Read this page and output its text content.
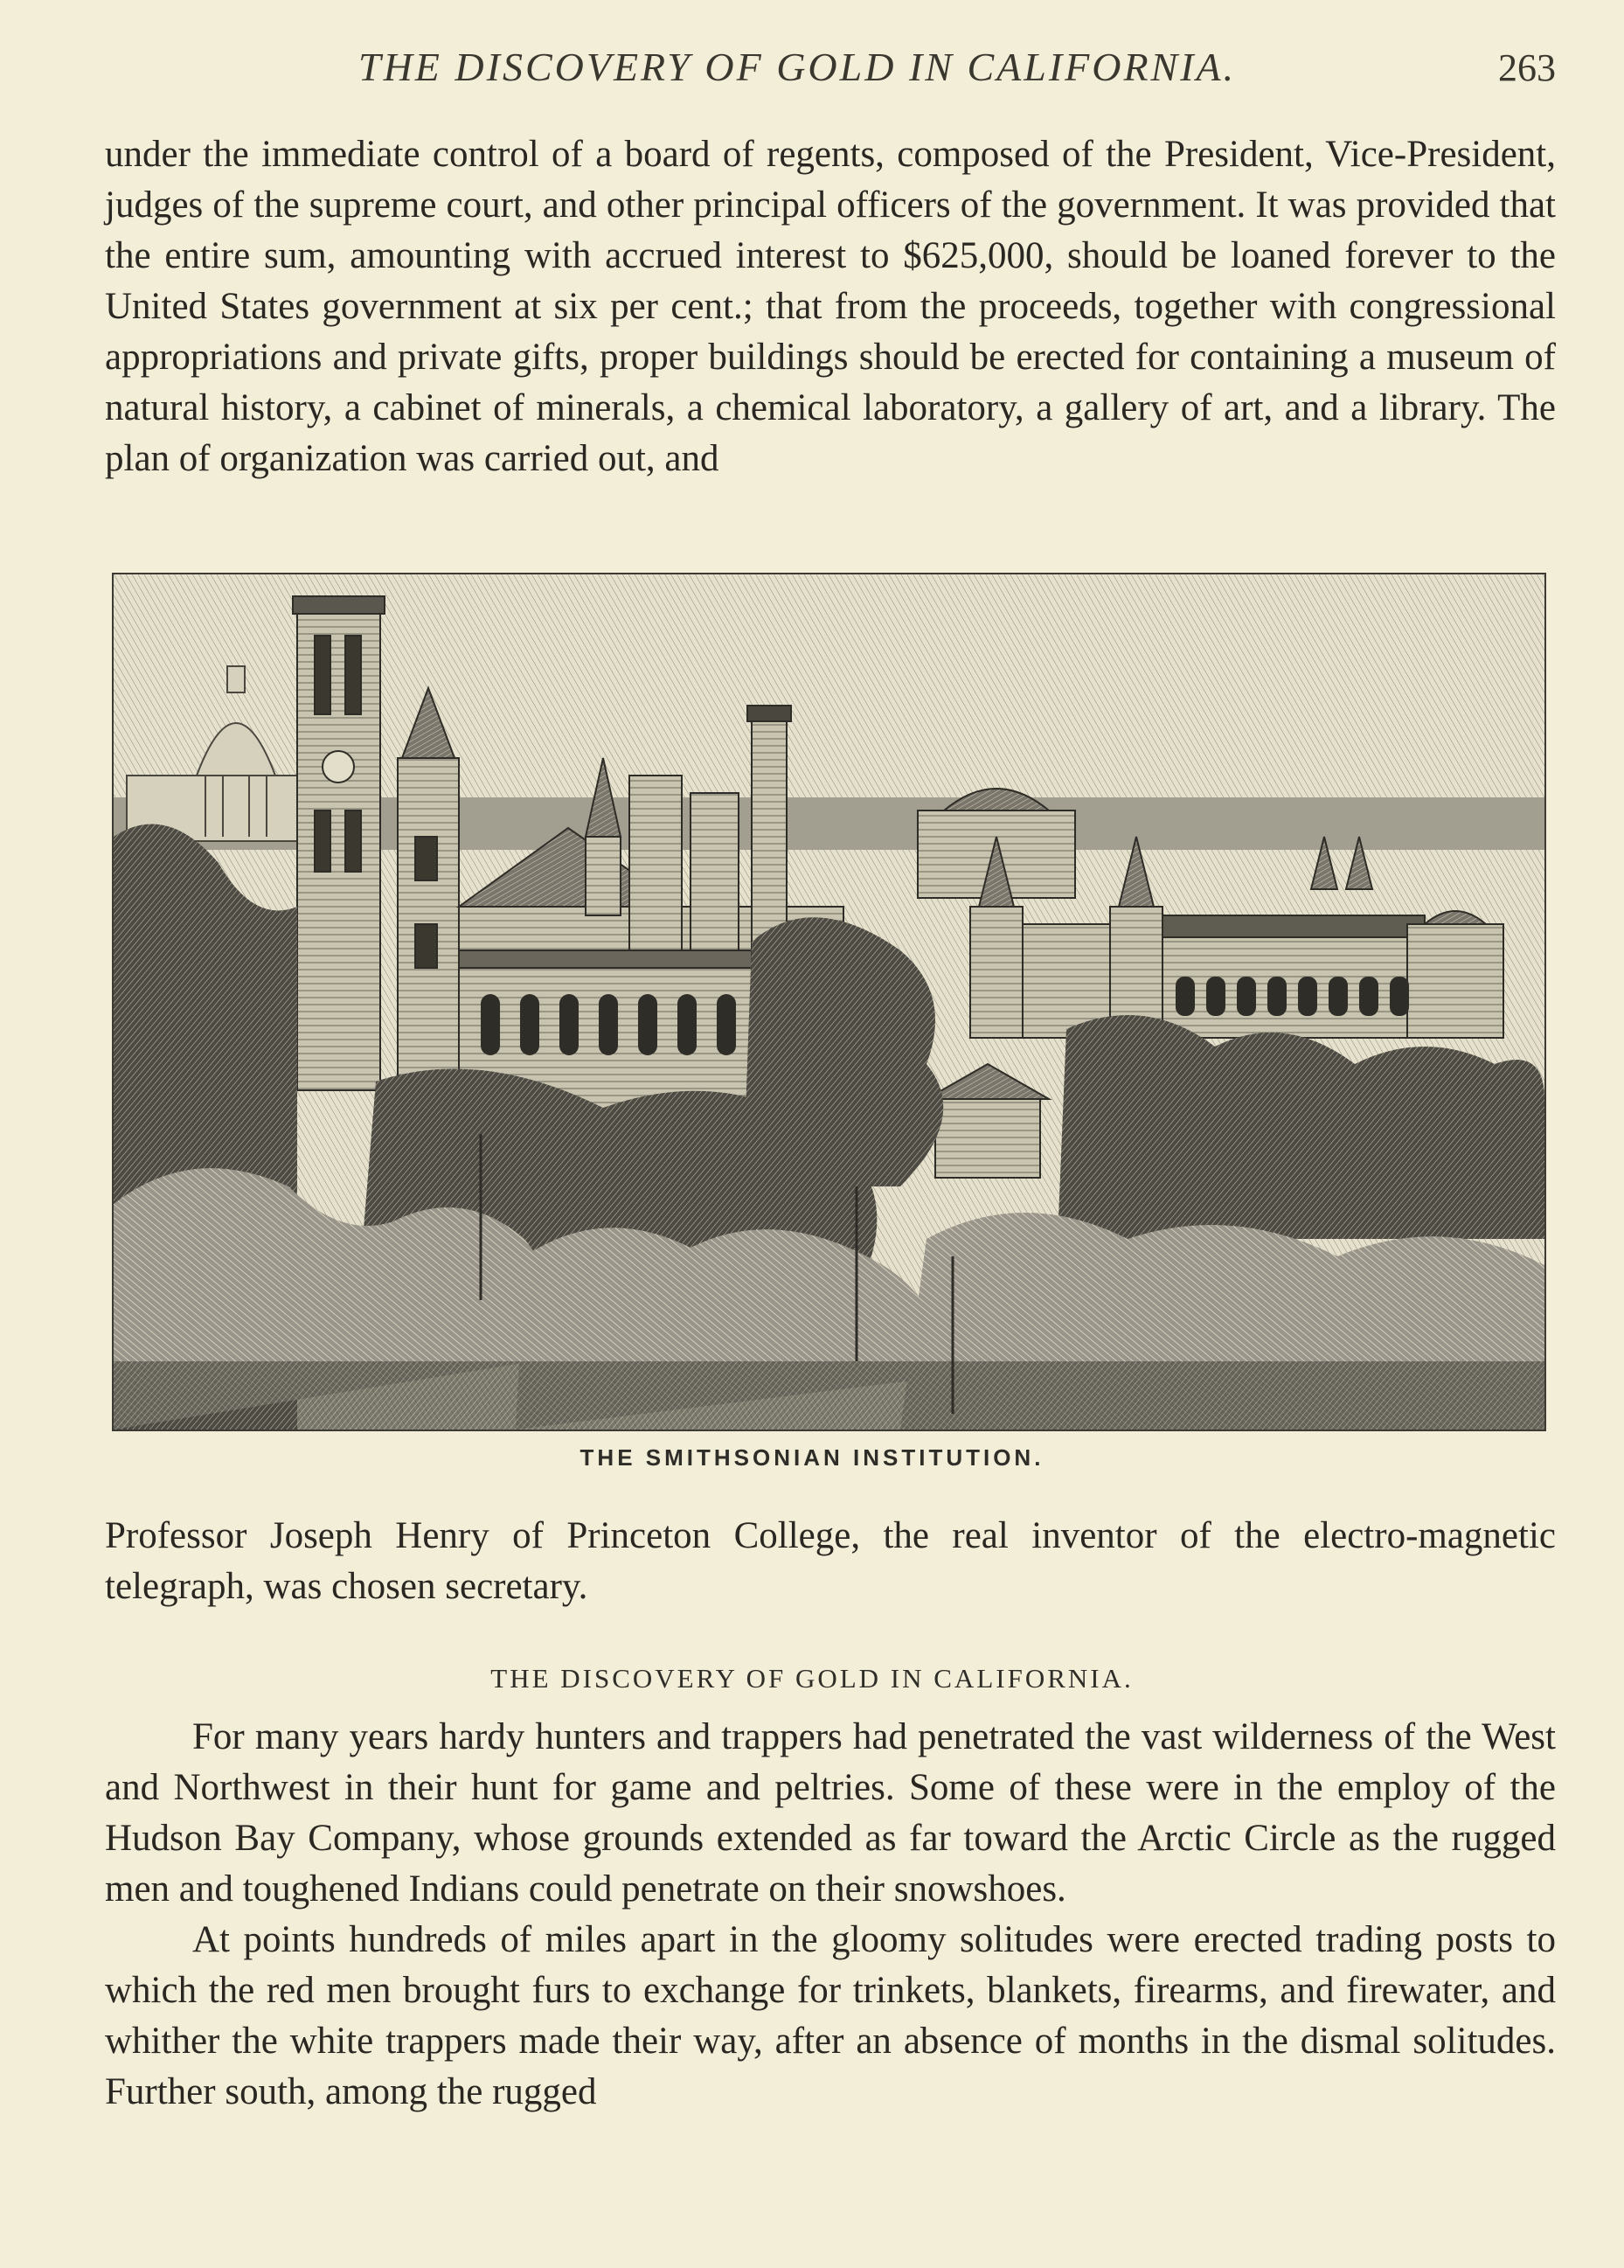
THE DISCOVERY OF GOLD IN CALIFORNIA.	263

under the immediate control of a board of regents, composed of the President, Vice-President, judges of the supreme court, and other principal officers of the government. It was provided that the entire sum, amounting with accrued interest to $625,000, should be loaned forever to the United States government at six per cent.; that from the proceeds, together with congressional appropriations and private gifts, proper buildings should be erected for containing a museum of natural history, a cabinet of minerals, a chemical laboratory, a gallery of art, and a library. The plan of organization was carried out, and

THE SMITHSONIAN INSTITUTION.

Professor Joseph Henry of Princeton College, the real inventor of the electro-magnetic telegraph, was chosen secretary.

THE DISCOVERY OF GOLD IN CALIFORNIA.

For many years hardy hunters and trappers had penetrated the vast wilderness of the West and Northwest in their hunt for game and peltries. Some of these were in the employ of the Hudson Bay Company, whose grounds extended as far toward the Arctic Circle as the rugged men and toughened Indians could penetrate on their snowshoes.

At points hundreds of miles apart in the gloomy solitudes were erected trading posts to which the red men brought furs to exchange for trinkets, blankets, firearms, and firewater, and whither the white trappers made their way, after an absence of months in the dismal solitudes. Further south, among the rugged
